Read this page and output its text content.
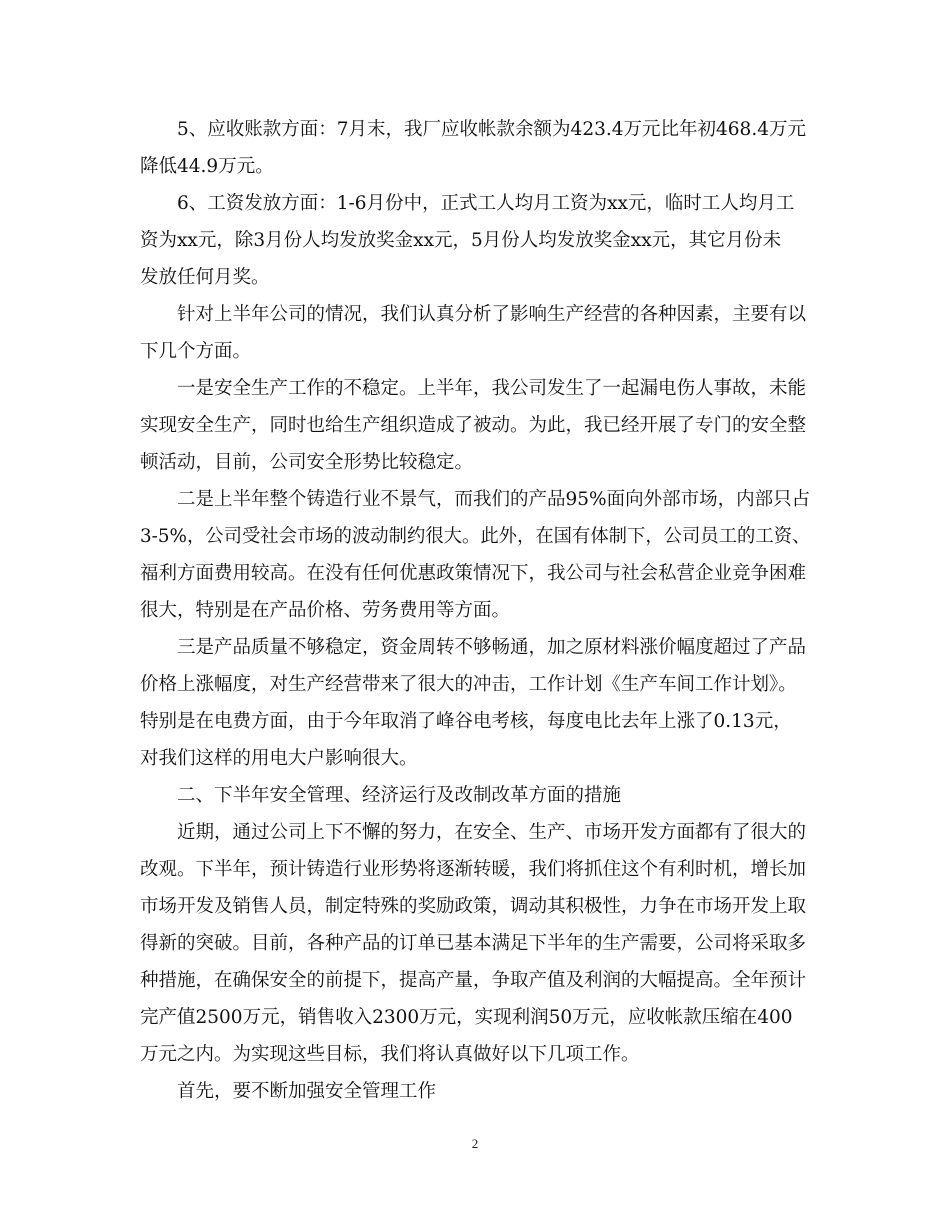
　　5、应收账款方面：7月末，我厂应收帐款余额为423.4万元比年初468.4万元
降低44.9万元。
　　6、工资发放方面：1-6月份中，正式工人均月工资为xx元，临时工人均月工
资为xx元，除3月份人均发放奖金xx元，5月份人均发放奖金xx元，其它月份未
发放任何月奖。
　　针对上半年公司的情况，我们认真分析了影响生产经营的各种因素，主要有以
下几个方面。
　　一是安全生产工作的不稳定。上半年，我公司发生了一起漏电伤人事故，未能
实现安全生产，同时也给生产组织造成了被动。为此，我已经开展了专门的安全整
顿活动，目前，公司安全形势比较稳定。
　　二是上半年整个铸造行业不景气，而我们的产品95%面向外部市场，内部只占
3-5%，公司受社会市场的波动制约很大。此外，在国有体制下，公司员工的工资、
福利方面费用较高。在没有任何优惠政策情况下，我公司与社会私营企业竞争困难
很大，特别是在产品价格、劳务费用等方面。
　　三是产品质量不够稳定，资金周转不够畅通，加之原材料涨价幅度超过了产品
价格上涨幅度，对生产经营带来了很大的冲击，工作计划《生产车间工作计划》。
特别是在电费方面，由于今年取消了峰谷电考核，每度电比去年上涨了0.13元，
对我们这样的用电大户影响很大。
　　二、下半年安全管理、经济运行及改制改革方面的措施
　　近期，通过公司上下不懈的努力，在安全、生产、市场开发方面都有了很大的
改观。下半年，预计铸造行业形势将逐渐转暖，我们将抓住这个有利时机，增长加
市场开发及销售人员，制定特殊的奖励政策，调动其积极性，力争在市场开发上取
得新的突破。目前，各种产品的订单已基本满足下半年的生产需要，公司将采取多
种措施，在确保安全的前提下，提高产量，争取产值及利润的大幅提高。全年预计
完产值2500万元，销售收入2300万元，实现利润50万元，应收帐款压缩在400
万元之内。为实现这些目标，我们将认真做好以下几项工作。
　　首先，要不断加强安全管理工作
2
